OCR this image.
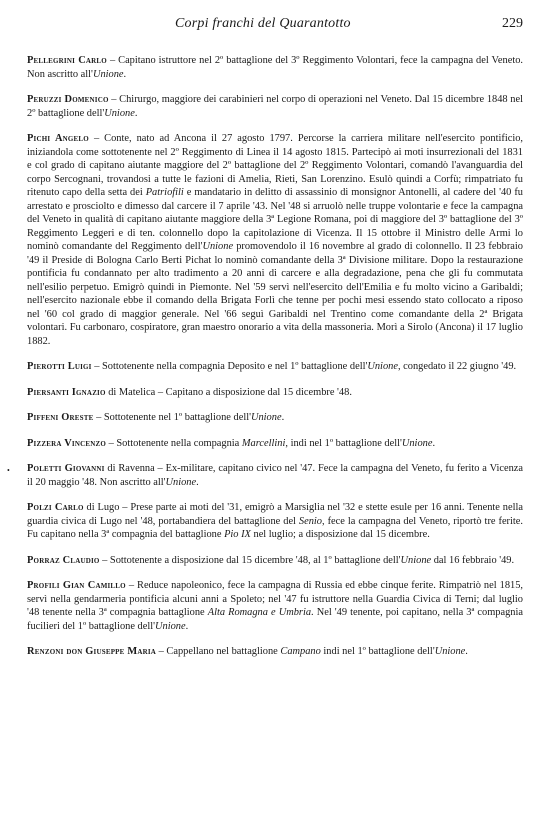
Corpi franchi del Quarantotto	229

Pellegrini Carlo – Capitano istruttore nel 2º battaglione del 3º Reggimento Volontari, fece la campagna del Veneto. Non ascritto all'Unione.

Peruzzi Domenico – Chirurgo, maggiore dei carabinieri nel corpo di operazioni nel Veneto. Dal 15 dicembre 1848 nel 2º battaglione dell'Unione.

Pichi Angelo – Conte, nato ad Ancona il 27 agosto 1797. Percorse la carriera militare nell'esercito pontificio, iniziandola come sottotenente nel 2º Reggimento di Linea il 14 agosto 1815. Partecipò ai moti insurrezionali del 1831 e col grado di capitano aiutante maggiore del 2º battaglione del 2º Reggimento Volontari, comandò l'avanguardia del corpo Sercognani, trovandosi a tutte le fazioni di Amelia, Rieti, San Lorenzino. Esulò quindi a Corfù; rimpatriato fu ritenuto capo della setta dei Patriofili e mandatario in delitto di assassinio di monsignor Antonelli, al cadere del '40 fu arrestato e prosciolto e dimesso dal carcere il 7 aprile '43. Nel '48 si arruolò nelle truppe volontarie e fece la campagna del Veneto in qualità di capitano aiutante maggiore della 3ª Legione Romana, poi di maggiore del 3º battaglione del 3º Reggimento Leggeri e di ten. colonnello dopo la capitolazione di Vicenza. Il 15 ottobre il Ministro delle Armi lo nominò comandante del Reggimento dell'Unione promovendolo il 16 novembre al grado di colonnello. Il 23 febbraio '49 il Preside di Bologna Carlo Berti Pichat lo nominò comandante della 3ª Divisione militare. Dopo la restaurazione pontificia fu condannato per alto tradimento a 20 anni di carcere e alla degradazione, pena che gli fu commutata nell'esilio perpetuo. Emigrò quindi in Piemonte. Nel '59 servì nell'esercito dell'Emilia e fu molto vicino a Garibaldi; nell'esercito nazionale ebbe il comando della Brigata Forlì che tenne per pochi mesi essendo stato collocato a riposo nel '60 col grado di maggior generale. Nel '66 seguì Garibaldi nel Trentino come comandante della 2ª Brigata volontari. Fu carbonaro, cospiratore, gran maestro onorario a vita della massoneria. Morì a Sirolo (Ancona) il 17 luglio 1882.

Pierotti Luigi – Sottotenente nella compagnia Deposito e nel 1º battaglione dell'Unione, congedato il 22 giugno '49.

Piersanti Ignazio di Matelica – Capitano a disposizione dal 15 dicembre '48.

Piffeni Oreste – Sottotenente nel 1º battaglione dell'Unione.

Pizzera Vincenzo – Sottotenente nella compagnia Marcellini, indi nel 1º battaglione dell'Unione.

• Poletti Giovanni di Ravenna – Ex-militare, capitano civico nel '47. Fece la campagna del Veneto, fu ferito a Vicenza il 20 maggio '48. Non ascritto all'Unione.

Polzi Carlo di Lugo – Prese parte ai moti del '31, emigrò a Marsiglia nel '32 e stette esule per 16 anni. Tenente nella guardia civica di Lugo nel '48, portabandiera del battaglione del Senio, fece la campagna del Veneto, riportò tre ferite. Fu capitano nella 3ª compagnia del battaglione Pio IX nel luglio; a disposizione dal 15 dicembre.

Porraz Claudio – Sottotenente a disposizione dal 15 dicembre '48, al 1º battaglione dell'Unione dal 16 febbraio '49.

Profili Gian Camillo – Reduce napoleonico, fece la campagna di Russia ed ebbe cinque ferite. Rimpatriò nel 1815, servì nella gendarmeria pontificia alcuni anni a Spoleto; nel '47 fu istruttore nella Guardia Civica di Terni; dal luglio '48 tenente nella 3ª compagnia battaglione Alta Romagna e Umbria. Nel '49 tenente, poi capitano, nella 3ª compagnia fucilieri del 1º battaglione dell'Unione.

Renzoni don Giuseppe Maria – Cappellano nel battaglione Campano indi nel 1º battaglione dell'Unione.
